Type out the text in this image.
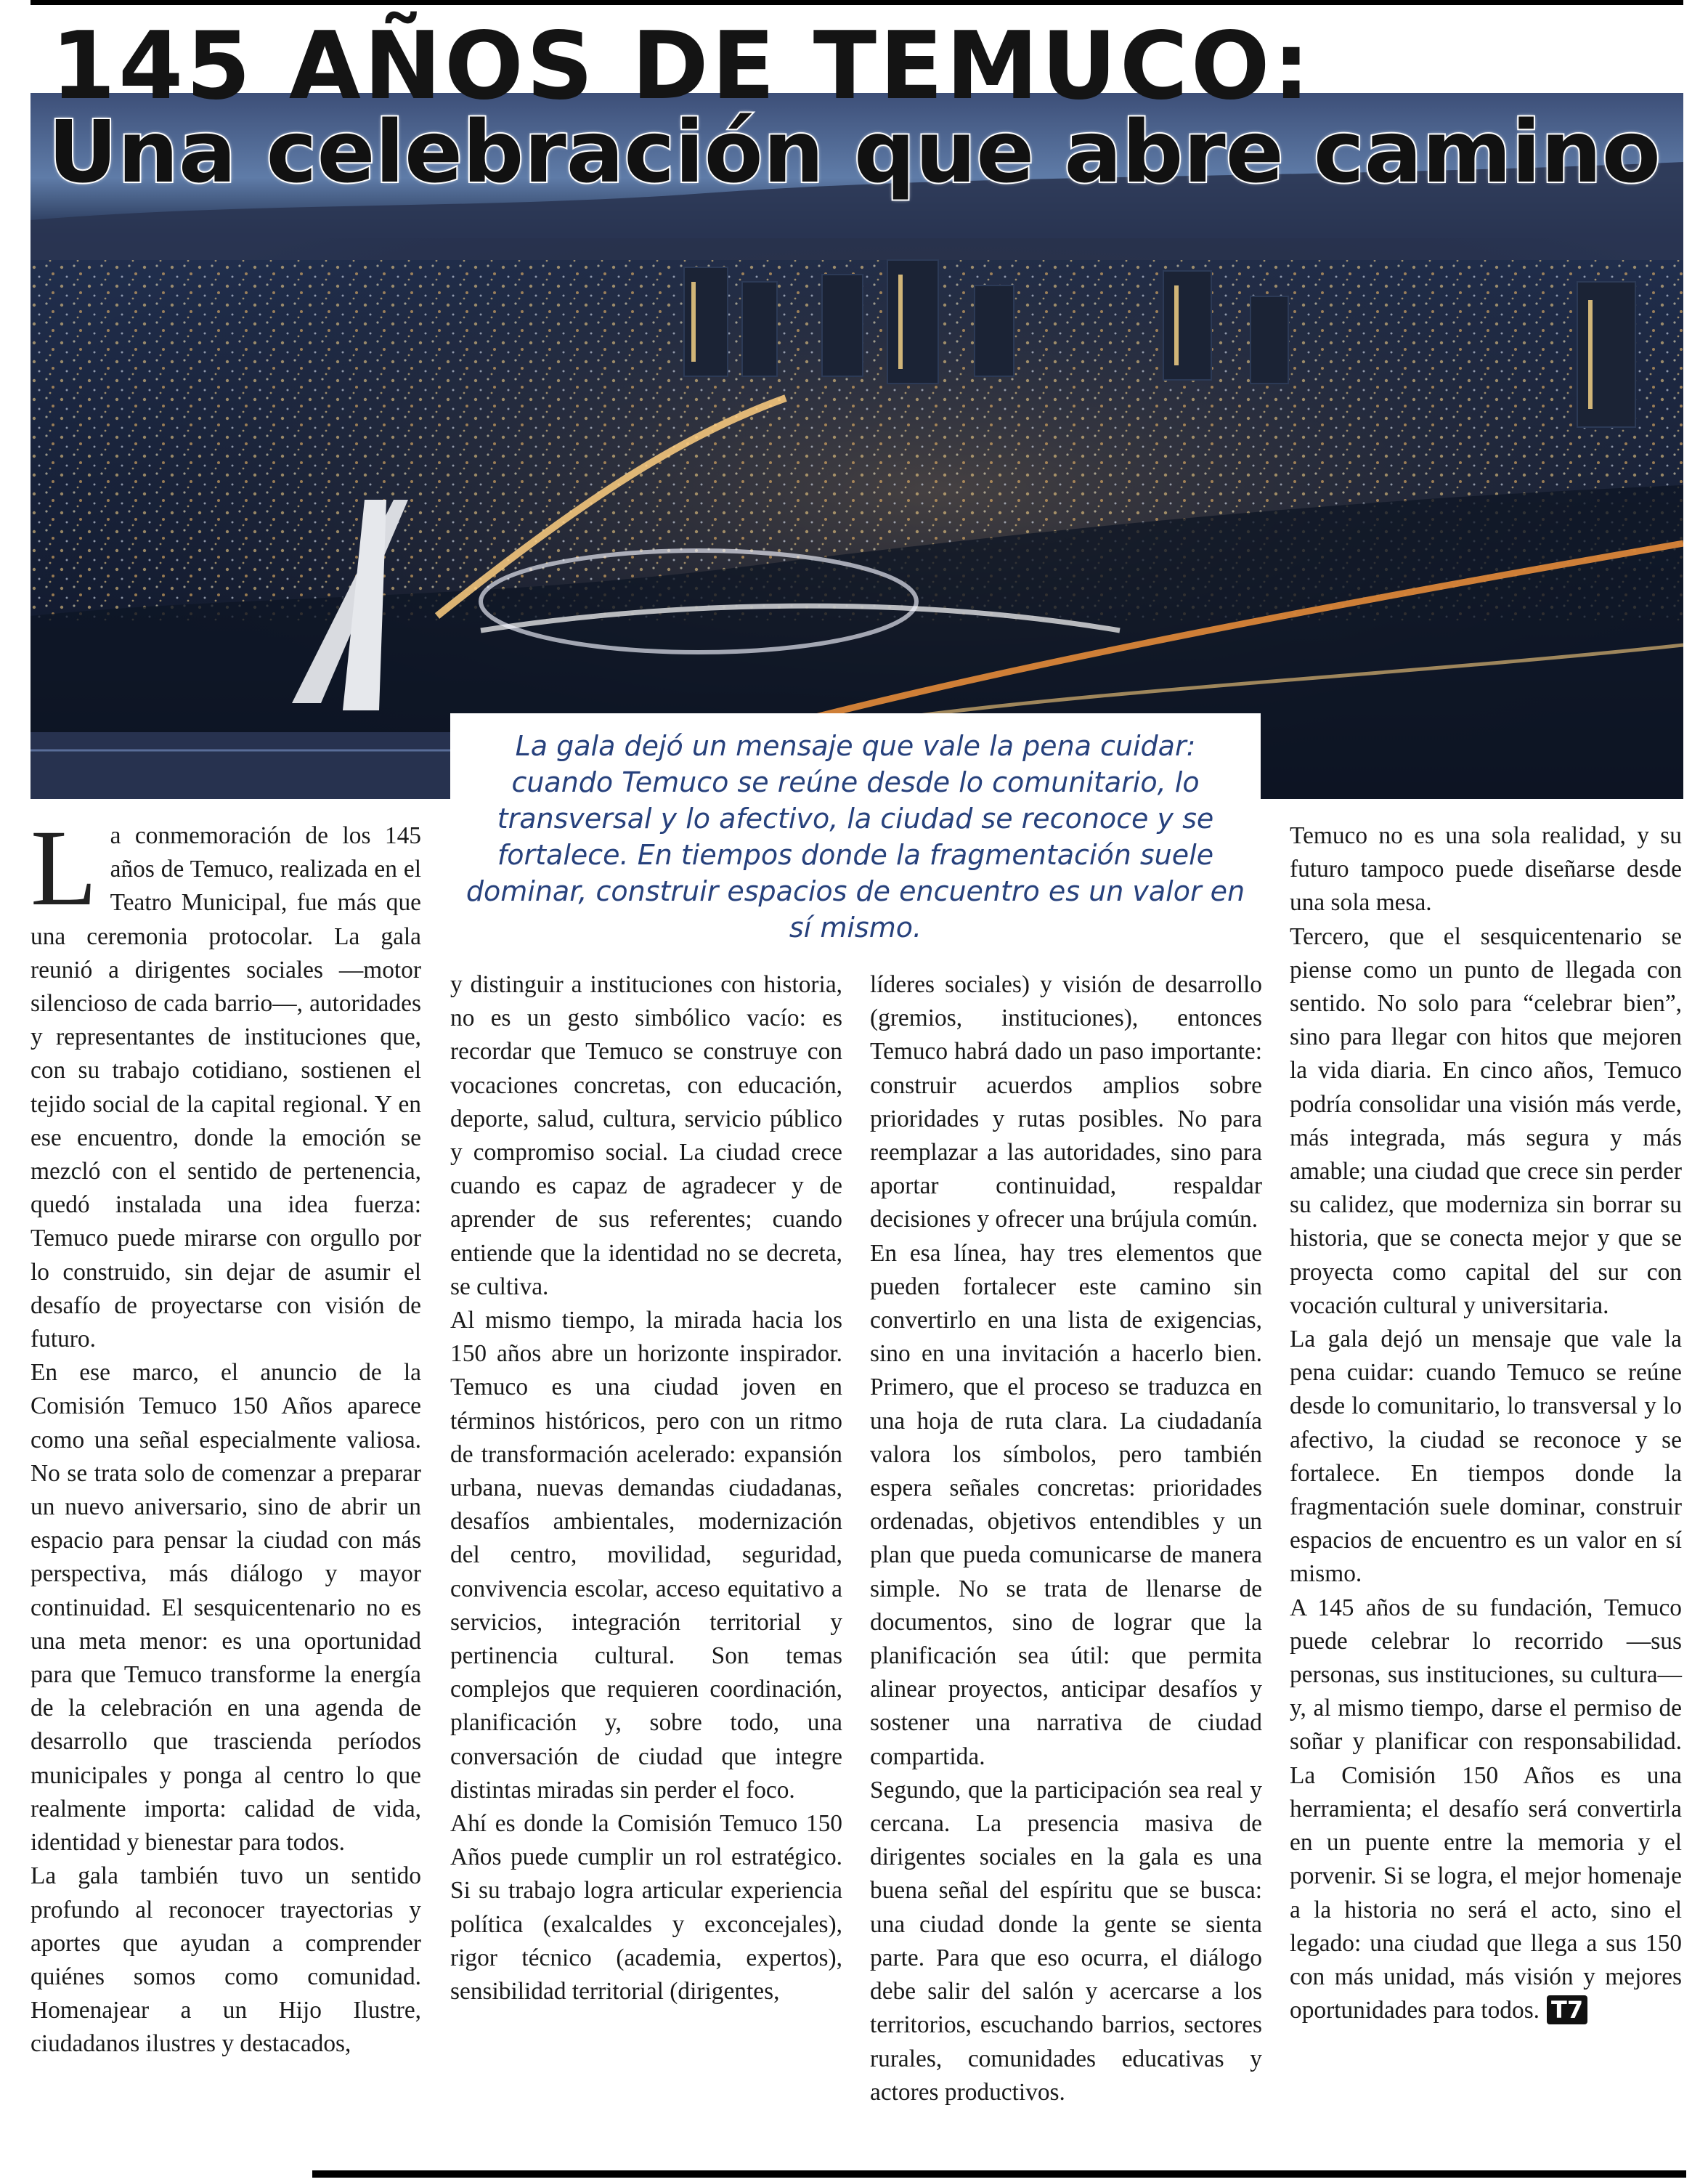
145 AÑOS DE TEMUCO:
Una celebración que abre camino
La gala dejó un mensaje que vale la pena cuidar: cuando Temuco se reúne desde lo comunitario, lo transversal y lo afectivo, la ciudad se reconoce y se fortalece. En tiempos donde la fragmentación suele dominar, construir espacios de encuentro es un valor en sí mismo.

La conmemoración de los 145 años de Temuco, realizada en el Teatro Municipal, fue más que una ceremonia protocolar. La gala reunió a dirigentes sociales —motor silencioso de cada barrio—, autoridades y representantes de instituciones que, con su trabajo cotidiano, sostienen el tejido social de la capital regional. Y en ese encuentro, donde la emoción se mezcló con el sentido de pertenencia, quedó instalada una idea fuerza: Temuco puede mirarse con orgullo por lo construido, sin dejar de asumir el desafío de proyectarse con visión de futuro.

En ese marco, el anuncio de la Comisión Temuco 150 Años aparece como una señal especialmente valiosa. No se trata solo de comenzar a preparar un nuevo aniversario, sino de abrir un espacio para pensar la ciudad con más perspectiva, más diálogo y mayor continuidad. El sesquicentenario no es una meta menor: es una oportunidad para que Temuco transforme la energía de la celebración en una agenda de desarrollo que trascienda períodos municipales y ponga al centro lo que realmente importa: calidad de vida, identidad y bienestar para todos.

La gala también tuvo un sentido profundo al reconocer trayectorias y aportes que ayudan a comprender quiénes somos como comunidad. Homenajear a un Hijo Ilustre, ciudadanos ilustres y destacados,

y distinguir a instituciones con historia, no es un gesto simbólico vacío: es recordar que Temuco se construye con vocaciones concretas, con educación, deporte, salud, cultura, servicio público y compromiso social. La ciudad crece cuando es capaz de agradecer y de aprender de sus referentes; cuando entiende que la identidad no se decreta, se cultiva.

Al mismo tiempo, la mirada hacia los 150 años abre un horizonte inspirador. Temuco es una ciudad joven en términos históricos, pero con un ritmo de transformación acelerado: expansión urbana, nuevas demandas ciudadanas, desafíos ambientales, modernización del centro, movilidad, seguridad, convivencia escolar, acceso equitativo a servicios, integración territorial y pertinencia cultural. Son temas complejos que requieren coordinación, planificación y, sobre todo, una conversación de ciudad que integre distintas miradas sin perder el foco.

Ahí es donde la Comisión Temuco 150 Años puede cumplir un rol estratégico. Si su trabajo logra articular experiencia política (exalcaldes y exconcejales), rigor técnico (academia, expertos), sensibilidad territorial (dirigentes,

líderes sociales) y visión de desarrollo (gremios, instituciones), entonces Temuco habrá dado un paso importante: construir acuerdos amplios sobre prioridades y rutas posibles. No para reemplazar a las autoridades, sino para aportar continuidad, respaldar decisiones y ofrecer una brújula común.

En esa línea, hay tres elementos que pueden fortalecer este camino sin convertirlo en una lista de exigencias, sino en una invitación a hacerlo bien. Primero, que el proceso se traduzca en una hoja de ruta clara. La ciudadanía valora los símbolos, pero también espera señales concretas: prioridades ordenadas, objetivos entendibles y un plan que pueda comunicarse de manera simple. No se trata de llenarse de documentos, sino de lograr que la planificación sea útil: que permita alinear proyectos, anticipar desafíos y sostener una narrativa de ciudad compartida.

Segundo, que la participación sea real y cercana. La presencia masiva de dirigentes sociales en la gala es una buena señal del espíritu que se busca: una ciudad donde la gente se sienta parte. Para que eso ocurra, el diálogo debe salir del salón y acercarse a los territorios, escuchando barrios, sectores rurales, comunidades educativas y actores productivos.

Temuco no es una sola realidad, y su futuro tampoco puede diseñarse desde una sola mesa.

Tercero, que el sesquicentenario se piense como un punto de llegada con sentido. No solo para “celebrar bien”, sino para llegar con hitos que mejoren la vida diaria. En cinco años, Temuco podría consolidar una visión más verde, más integrada, más segura y más amable; una ciudad que crece sin perder su calidez, que moderniza sin borrar su historia, que se conecta mejor y que se proyecta como capital del sur con vocación cultural y universitaria.

La gala dejó un mensaje que vale la pena cuidar: cuando Temuco se reúne desde lo comunitario, lo transversal y lo afectivo, la ciudad se reconoce y se fortalece. En tiempos donde la fragmentación suele dominar, construir espacios de encuentro es un valor en sí mismo.

A 145 años de su fundación, Temuco puede celebrar lo recorrido —sus personas, sus instituciones, su cultura— y, al mismo tiempo, darse el permiso de soñar y planificar con responsabilidad. La Comisión 150 Años es una herramienta; el desafío será convertirla en un puente entre la memoria y el porvenir. Si se logra, el mejor homenaje a la historia no será el acto, sino el legado: una ciudad que llega a sus 150 con más unidad, más visión y mejores oportunidades para todos. T7
